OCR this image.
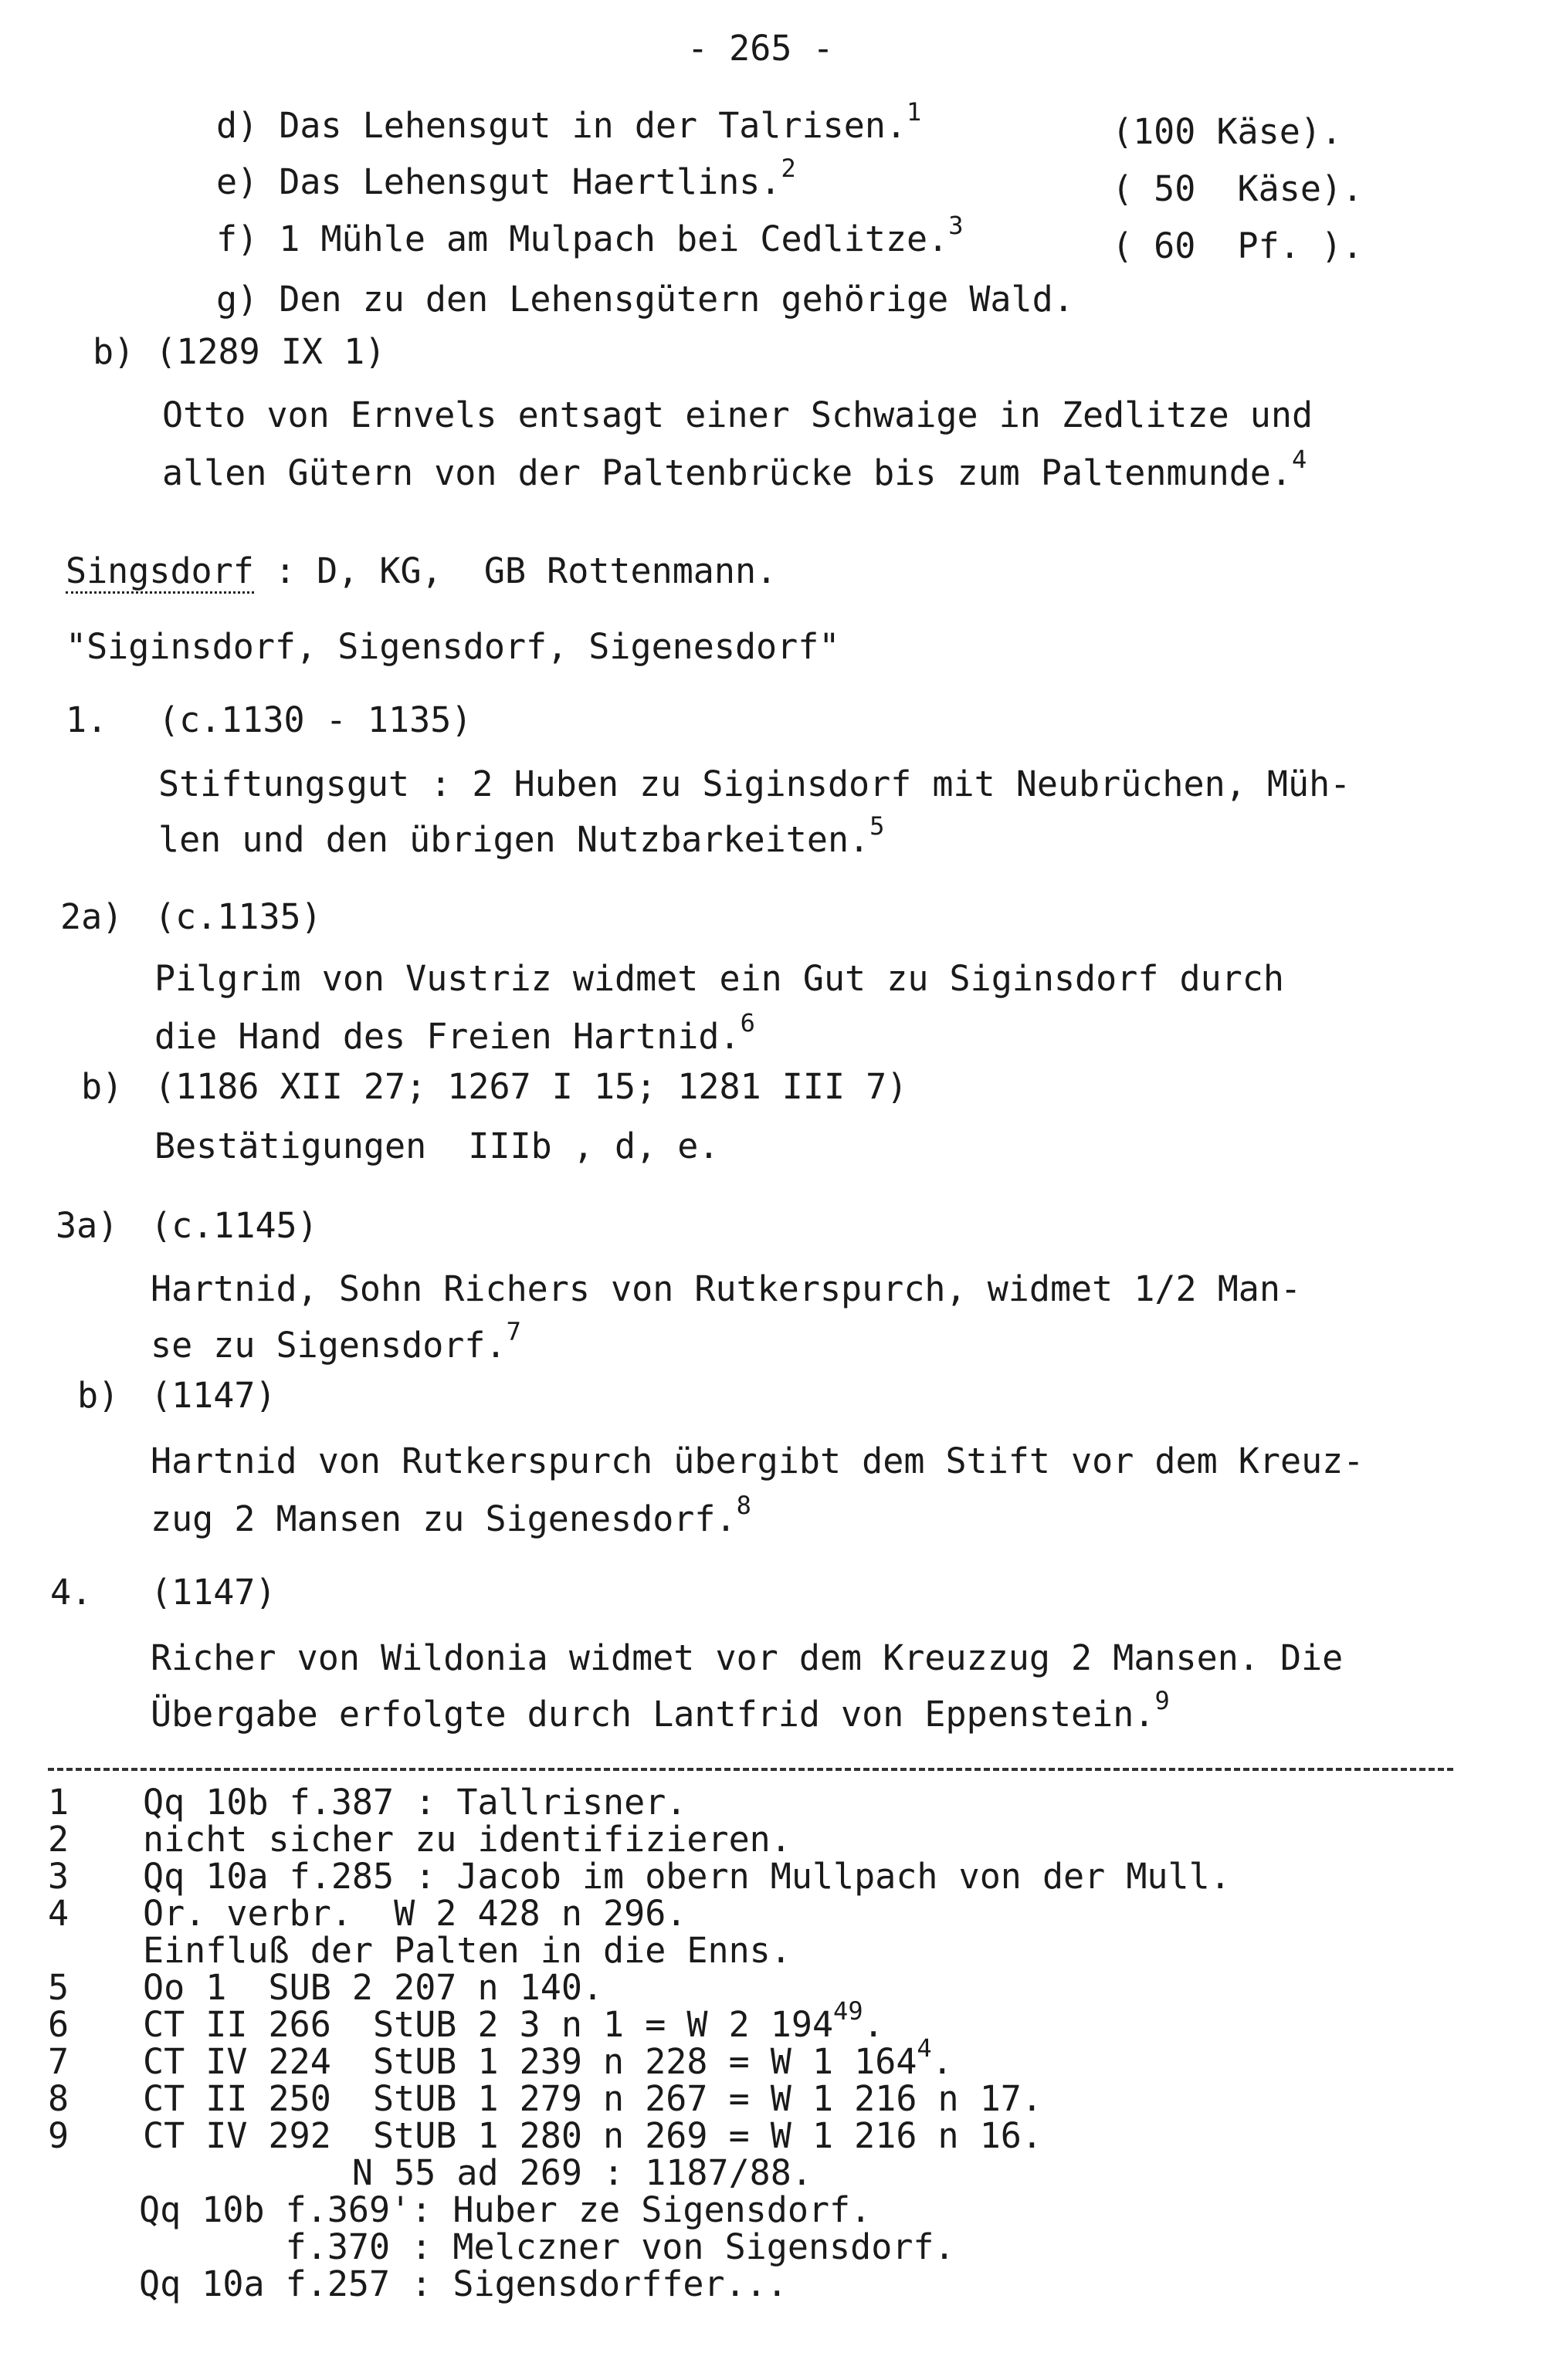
- 265 -
d) Das Lehensgut in der Talrisen.$^1$	(100 Käse).
e) Das Lehensgut Haertlins.$^2$	( 50  Käse).
f) 1 Mühle am Mulpach bei Cedlitze.$^3$	( 60  Pf. ).
g) Den zu den Lehensgütern gehörige Wald.
b) (1289 IX 1)
Otto von Ernvels entsagt einer Schwaige in Zedlitze und
allen Gütern von der Paltenbrücke bis zum Paltenmunde.$^4$
Singsdorf : D, KG,  GB Rottenmann.
"Siginsdorf, Sigensdorf, Sigenesdorf"
1. (c.1130 - 1135)
Stiftungsgut : 2 Huben zu Siginsdorf mit Neubrüchen, Müh-
len und den übrigen Nutzbarkeiten.$^5$
2a) (c.1135)
Pilgrim von Vustriz widmet ein Gut zu Siginsdorf durch
die Hand des Freien Hartnid.$^6$
b) (1186 XII 27; 1267 I 15; 1281 III 7)
Bestätigungen  IIIb , d, e.
3a) (c.1145)
Hartnid, Sohn Richers von Rutkerspurch, widmet 1/2 Man-
se zu Sigensdorf.$^7$
b) (1147)
Hartnid von Rutkerspurch übergibt dem Stift vor dem Kreuz-
zug 2 Mansen zu Sigenesdorf.$^8$
4. (1147)
Richer von Wildonia widmet vor dem Kreuzzug 2 Mansen. Die
Übergabe erfolgte durch Lantfrid von Eppenstein.$^9$
1 Qq 10b f.387 : Tallrisner.
2 nicht sicher zu identifizieren.
3 Qq 10a f.285 : Jacob im obern Mullpach von der Mull.
4 Or. verbr.  W 2 428 n 296.
Einfluß der Palten in die Enns.
5 Oo 1  SUB 2 207 n 140.
6 CT II 266  StUB 2 3 n 1 = W 2 $194^{49}$.
7 CT IV 224  StUB 1 239 n 228 = W 1 $164^4$.
8 CT II 250  StUB 1 279 n 267 = W 1 216 n 17.
9 CT IV 292  StUB 1 280 n 269 = W 1 216 n 16.
N 55 ad 269 : 1187/88.
Qq 10b f.369': Huber ze Sigensdorf.
f.370 : Melczner von Sigensdorf.
Qq 10a f.257 : Sigensdorffer...
